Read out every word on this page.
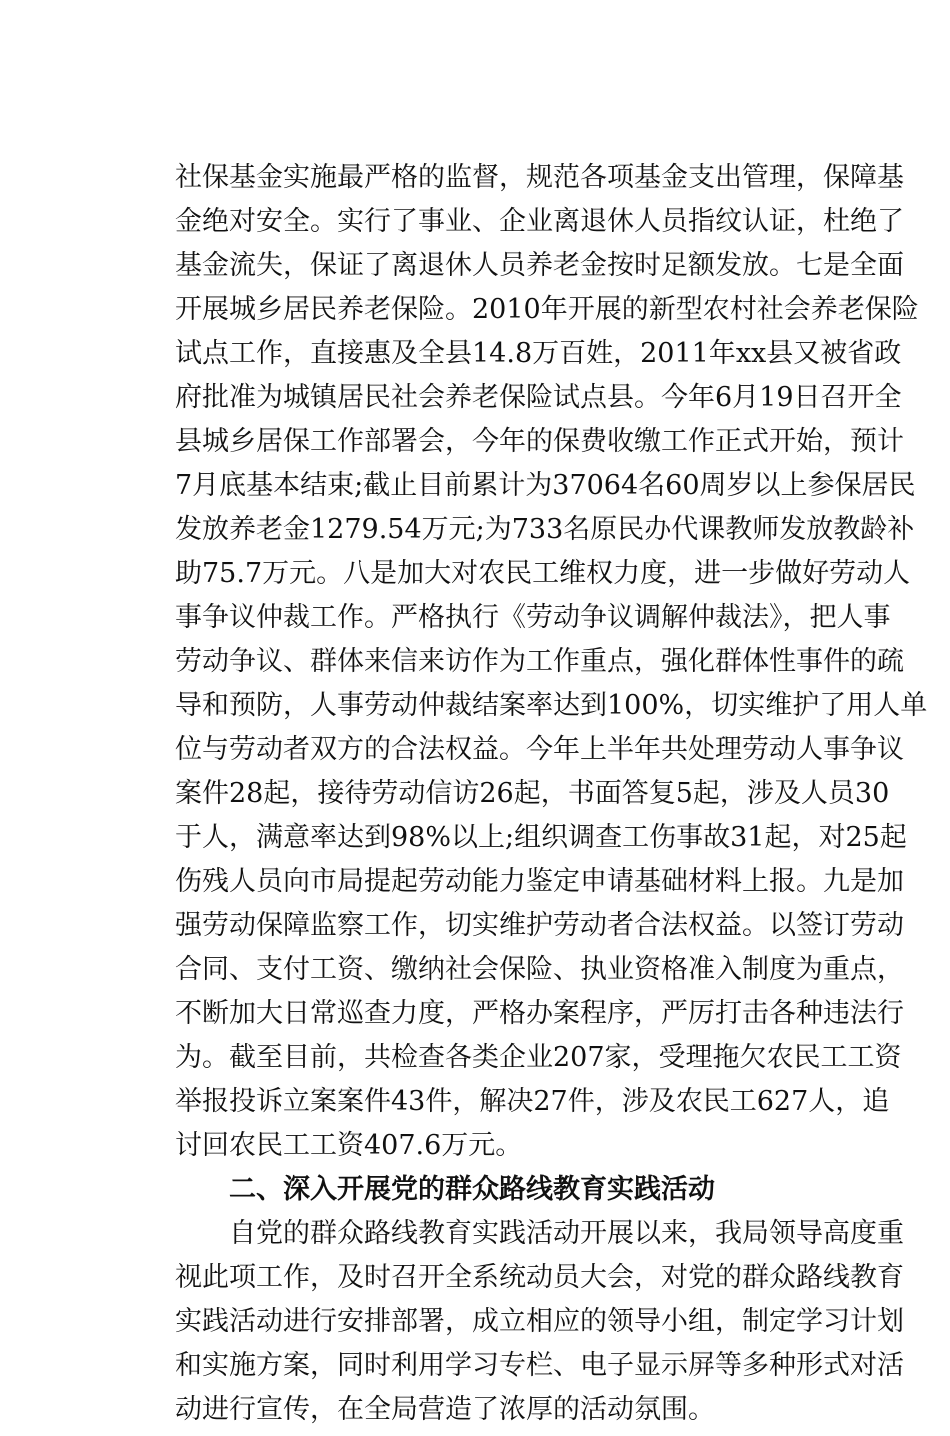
社保基金实施最严格的监督，规范各项基金支出管理，保障基
金绝对安全。实行了事业、企业离退休人员指纹认证，杜绝了
基金流失，保证了离退休人员养老金按时足额发放。七是全面
开展城乡居民养老保险。2010年开展的新型农村社会养老保险
试点工作，直接惠及全县14.8万百姓，2011年xx县又被省政
府批准为城镇居民社会养老保险试点县。今年6月19日召开全
县城乡居保工作部署会，今年的保费收缴工作正式开始，预计
7月底基本结束;截止目前累计为37064名60周岁以上参保居民
发放养老金1279.54万元;为733名原民办代课教师发放教龄补
助75.7万元。八是加大对农民工维权力度，进一步做好劳动人
事争议仲裁工作。严格执行《劳动争议调解仲裁法》，把人事
劳动争议、群体来信来访作为工作重点，强化群体性事件的疏
导和预防，人事劳动仲裁结案率达到100%，切实维护了用人单
位与劳动者双方的合法权益。今年上半年共处理劳动人事争议
案件28起，接待劳动信访26起，书面答复5起，涉及人员30
于人，满意率达到98%以上;组织调查工伤事故31起，对25起
伤残人员向市局提起劳动能力鉴定申请基础材料上报。九是加
强劳动保障监察工作，切实维护劳动者合法权益。以签订劳动
合同、支付工资、缴纳社会保险、执业资格准入制度为重点，
不断加大日常巡查力度，严格办案程序，严厉打击各种违法行
为。截至目前，共检查各类企业207家，受理拖欠农民工工资
举报投诉立案案件43件，解决27件，涉及农民工627人，追
讨回农民工工资407.6万元。
二、深入开展党的群众路线教育实践活动
自党的群众路线教育实践活动开展以来，我局领导高度重
视此项工作，及时召开全系统动员大会，对党的群众路线教育
实践活动进行安排部署，成立相应的领导小组，制定学习计划
和实施方案，同时利用学习专栏、电子显示屏等多种形式对活
动进行宣传，在全局营造了浓厚的活动氛围。
